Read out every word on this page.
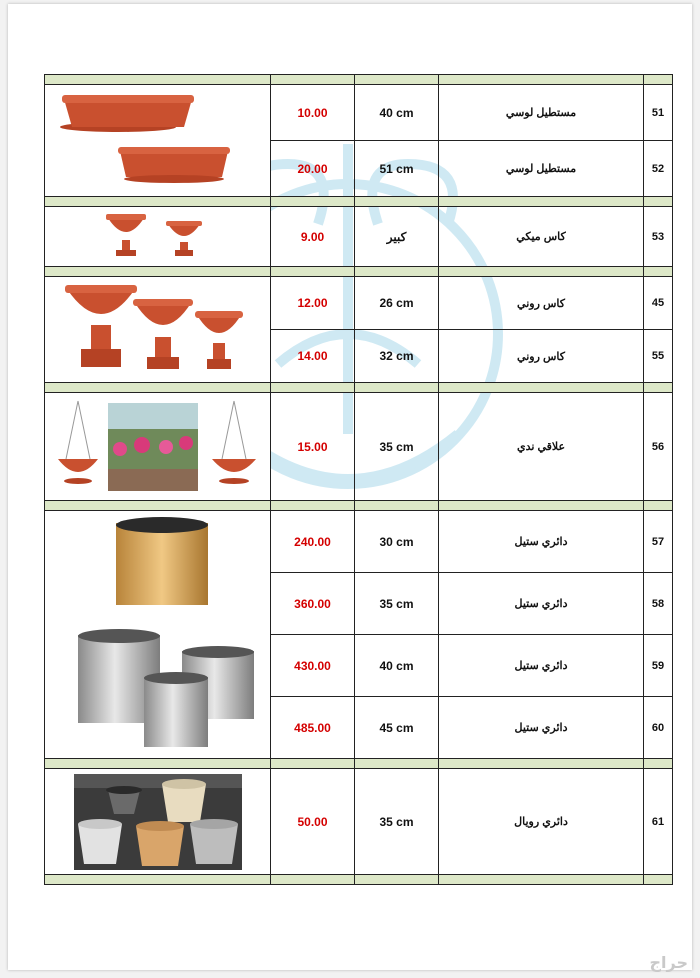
	10.00	40 cm	مستطيل لوسي	51
	20.00	51 cm	مستطيل لوسي	52

	9.00	كبير	كاس ميكي	53

	12.00	26 cm	كاس روني	45
	14.00	32 cm	كاس روني	55

	15.00	35 cm	علاقي ندي	56

	240.00	30 cm	دائري ستيل	57
	360.00	35 cm	دائري ستيل	58
	430.00	40 cm	دائري ستيل	59
	485.00	45 cm	دائري ستيل	60

	50.00	35 cm	دائري رويال	61

حراج
